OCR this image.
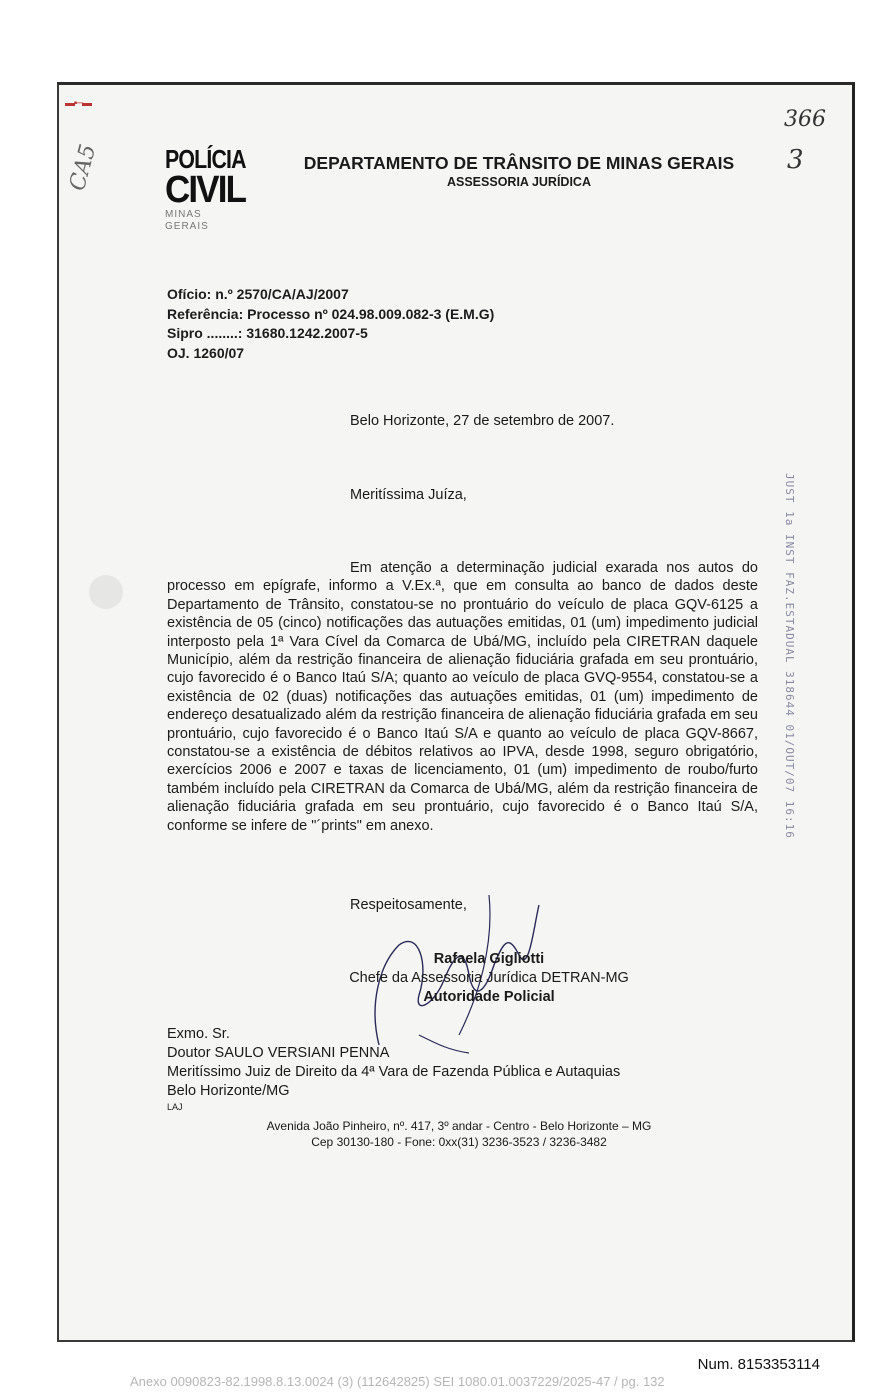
▬ ▪ ─ ▬
POLÍCIA
CIVIL
MINAS GERAIS
DEPARTAMENTO DE TRÂNSITO DE MINAS GERAIS
ASSESSORIA JURÍDICA
366
3
CA5
Ofício: n.º 2570/CA/AJ/2007
Referência: Processo nº 024.98.009.082-3 (E.M.G)
Sipro ........: 31680.1242.2007-5
OJ. 1260/07
Belo Horizonte, 27 de setembro de 2007.
Meritíssima Juíza,
Em atenção a determinação judicial exarada nos autos do processo em epígrafe, informo a V.Ex.ª, que em consulta ao banco de dados deste Departamento de Trânsito, constatou-se no prontuário do veículo de placa GQV-6125 a existência de 05 (cinco) notificações das autuações emitidas, 01 (um) impedimento judicial interposto pela 1ª Vara Cível da Comarca de Ubá/MG, incluído pela CIRETRAN daquele Município, além da restrição financeira de alienação fiduciária grafada em seu prontuário, cujo favorecido é o Banco Itaú S/A; quanto ao veículo de placa GVQ-9554, constatou-se a existência de 02 (duas) notificações das autuações emitidas, 01 (um) impedimento de endereço desatualizado além da restrição financeira de alienação fiduciária grafada em seu prontuário, cujo favorecido é o Banco Itaú S/A e quanto ao veículo de placa GQV-8667, constatou-se a existência de débitos relativos ao IPVA, desde 1998, seguro obrigatório, exercícios 2006 e 2007 e taxas de licenciamento, 01 (um) impedimento de roubo/furto também incluído pela CIRETRAN da Comarca de Ubá/MG, além da restrição financeira de alienação fiduciária grafada em seu prontuário, cujo favorecido é o Banco Itaú S/A, conforme se infere de "´prints" em anexo.	JUST 1a INST FAZ.ESTADUAL 318644 01/OUT/07 16:16
Respeitosamente,
Rafaela Gigliotti
Chefe da Assessoria Jurídica DETRAN-MG
Autoridade Policial
Exmo. Sr.
Doutor SAULO VERSIANI PENNA
Meritíssimo Juiz de Direito da 4ª Vara de Fazenda Pública e Autaquias
Belo Horizonte/MG
LAJ
Avenida João Pinheiro, nº. 417, 3º andar - Centro - Belo Horizonte – MG
Cep 30130-180 - Fone: 0xx(31) 3236-3523 / 3236-3482
Num. 8153353114
Anexo 0090823-82.1998.8.13.0024 (3) (112642825) SEI 1080.01.0037229/2025-47 / pg. 132
